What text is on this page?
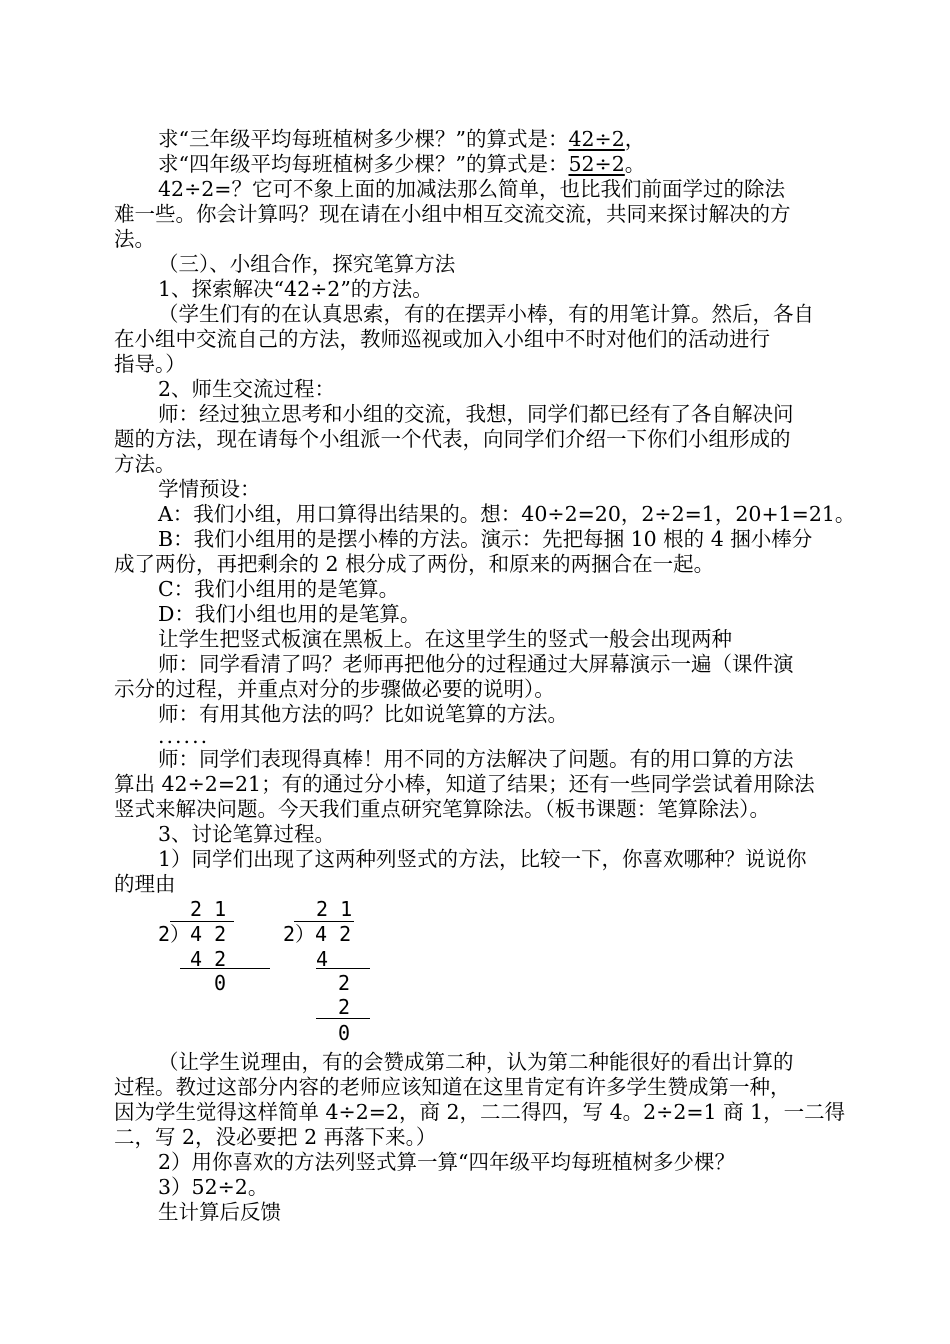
求“三年级平均每班植树多少棵？”的算式是：42÷2，
求“四年级平均每班植树多少棵？”的算式是：52÷2。
42÷2=？它可不象上面的加减法那么简单，也比我们前面学过的除法
难一些。你会计算吗？现在请在小组中相互交流交流，共同来探讨解决的方
法。
（三）、小组合作，探究笔算方法
1、探索解决“42÷2”的方法。
（学生们有的在认真思索，有的在摆弄小棒，有的用笔计算。然后，各自
在小组中交流自己的方法，教师巡视或加入小组中不时对他们的活动进行
指导。）
2、师生交流过程：
师：经过独立思考和小组的交流，我想，同学们都已经有了各自解决问
题的方法，现在请每个小组派一个代表，向同学们介绍一下你们小组形成的
方法。
学情预设：
A：我们小组，用口算得出结果的。想：40÷2=20，2÷2=1，20+1=21。
B：我们小组用的是摆小棒的方法。演示：先把每捆 10 根的 4 捆小棒分
成了两份，再把剩余的 2 根分成了两份，和原来的两捆合在一起。
C：我们小组用的是笔算。
D：我们小组也用的是笔算。
让学生把竖式板演在黑板上。在这里学生的竖式一般会出现两种
师：同学看清了吗？老师再把他分的过程通过大屏幕演示一遍（课件演
示分的过程，并重点对分的步骤做必要的说明）。
师：有用其他方法的吗？比如说笔算的方法。
......
师：同学们表现得真棒！用不同的方法解决了问题。有的用口算的方法
算出 42÷2=21；有的通过分小棒，知道了结果；还有一些同学尝试着用除法
竖式来解决问题。今天我们重点研究笔算除法。（板书课题：笔算除法）。
3、讨论笔算过程。
1）同学们出现了这两种列竖式的方法，比较一下，你喜欢哪种？说说你
的理由
2 1
2）4 2
4 2
0
2 1
2）4 2
4
2
2
0
（让学生说理由，有的会赞成第二种，认为第二种能很好的看出计算的
过程。教过这部分内容的老师应该知道在这里肯定有许多学生赞成第一种，
因为学生觉得这样简单 4÷2=2，商 2，二二得四，写 4。2÷2=1 商 1，一二得
二，写 2，没必要把 2 再落下来。）
2）用你喜欢的方法列竖式算一算“四年级平均每班植树多少棵？
3）52÷2。
生计算后反馈
